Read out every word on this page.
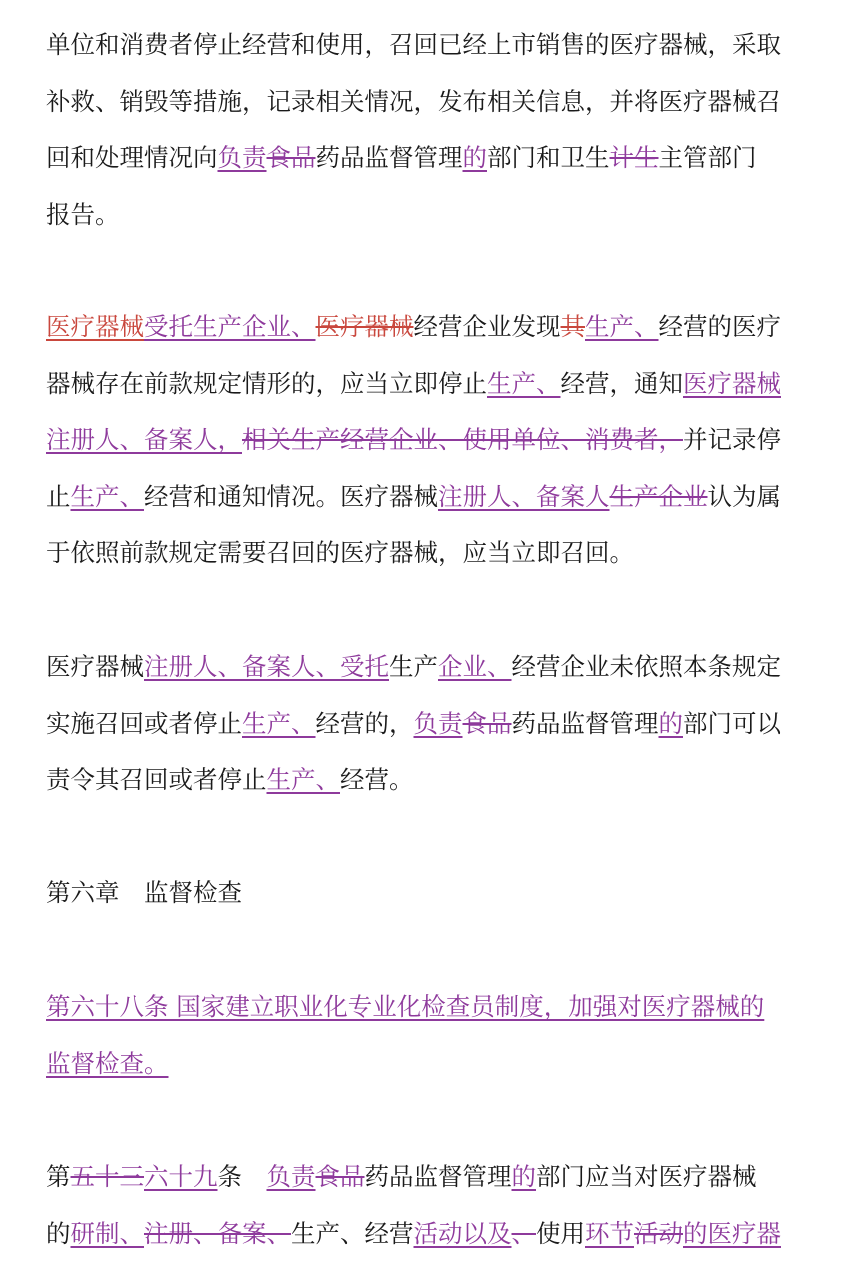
单位和消费者停止经营和使用，召回已经上市销售的医疗器械，采取
补救、销毁等措施，记录相关情况，发布相关信息，并将医疗器械召
回和处理情况向负责食品药品监督管理的部门和卫生计生主管部门
报告。
医疗器械受托生产企业、医疗器械经营企业发现其生产、经营的医疗
器械存在前款规定情形的，应当立即停止生产、经营，通知医疗器械
注册人、备案人，相关生产经营企业、使用单位、消费者，并记录停
止生产、经营和通知情况。医疗器械注册人、备案人生产企业认为属
于依照前款规定需要召回的医疗器械，应当立即召回。
医疗器械注册人、备案人、受托生产企业、经营企业未依照本条规定
实施召回或者停止生产、经营的，负责食品药品监督管理的部门可以
责令其召回或者停止生产、经营。
第六章　监督检查
第六十八条 国家建立职业化专业化检查员制度，加强对医疗器械的
监督检查。
第五十三六十九条　负责食品药品监督管理的部门应当对医疗器械
的研制、注册、备案、生产、经营活动以及、使用环节活动的医疗器
